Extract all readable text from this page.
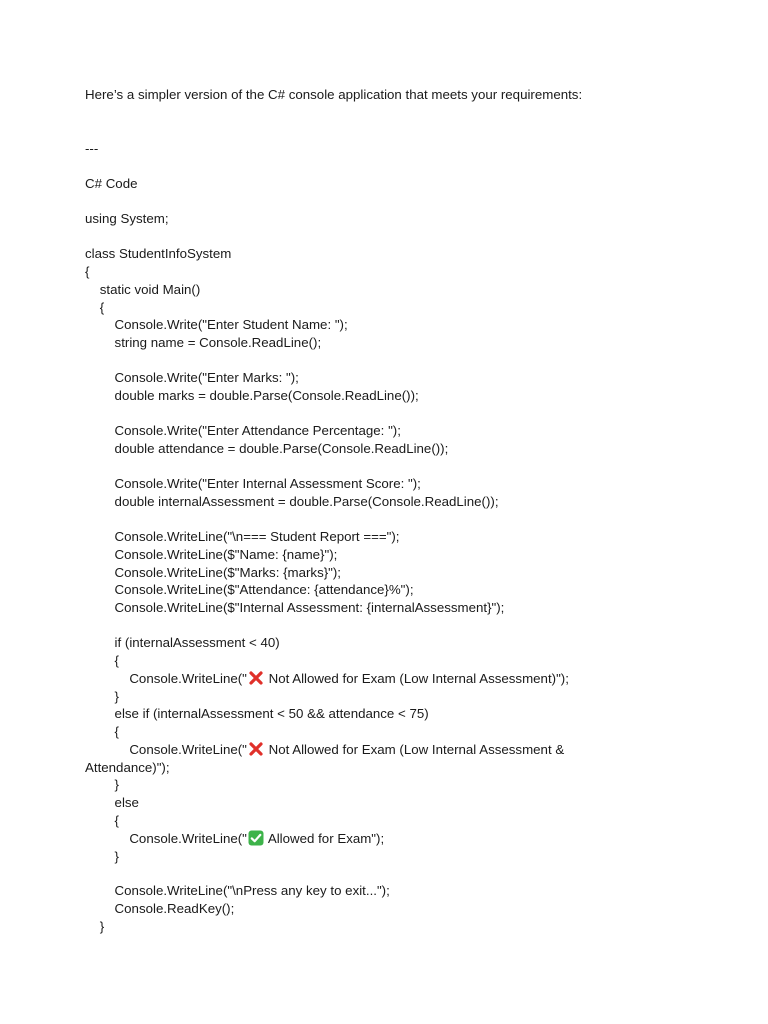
Here’s a simpler version of the C# console application that meets your requirements:
---
C# Code
using System;
class StudentInfoSystem
{
static void Main()
{
Console.Write("Enter Student Name: ");
string name = Console.ReadLine();
Console.Write("Enter Marks: ");
double marks = double.Parse(Console.ReadLine());
Console.Write("Enter Attendance Percentage: ");
double attendance = double.Parse(Console.ReadLine());
Console.Write("Enter Internal Assessment Score: ");
double internalAssessment = double.Parse(Console.ReadLine());
Console.WriteLine("\n=== Student Report ===");
Console.WriteLine($"Name: {name}");
Console.WriteLine($"Marks: {marks}");
Console.WriteLine($"Attendance: {attendance}%");
Console.WriteLine($"Internal Assessment: {internalAssessment}");
if (internalAssessment < 40)
{
Console.WriteLine("
Not Allowed for Exam (Low Internal Assessment)");
}
else if (internalAssessment < 50 && attendance < 75)
{
Console.WriteLine("
Not Allowed for Exam (Low Internal Assessment &
Attendance)");
}
else
{
Console.WriteLine("
Allowed for Exam");
}
Console.WriteLine("\nPress any key to exit...");
Console.ReadKey();
}
